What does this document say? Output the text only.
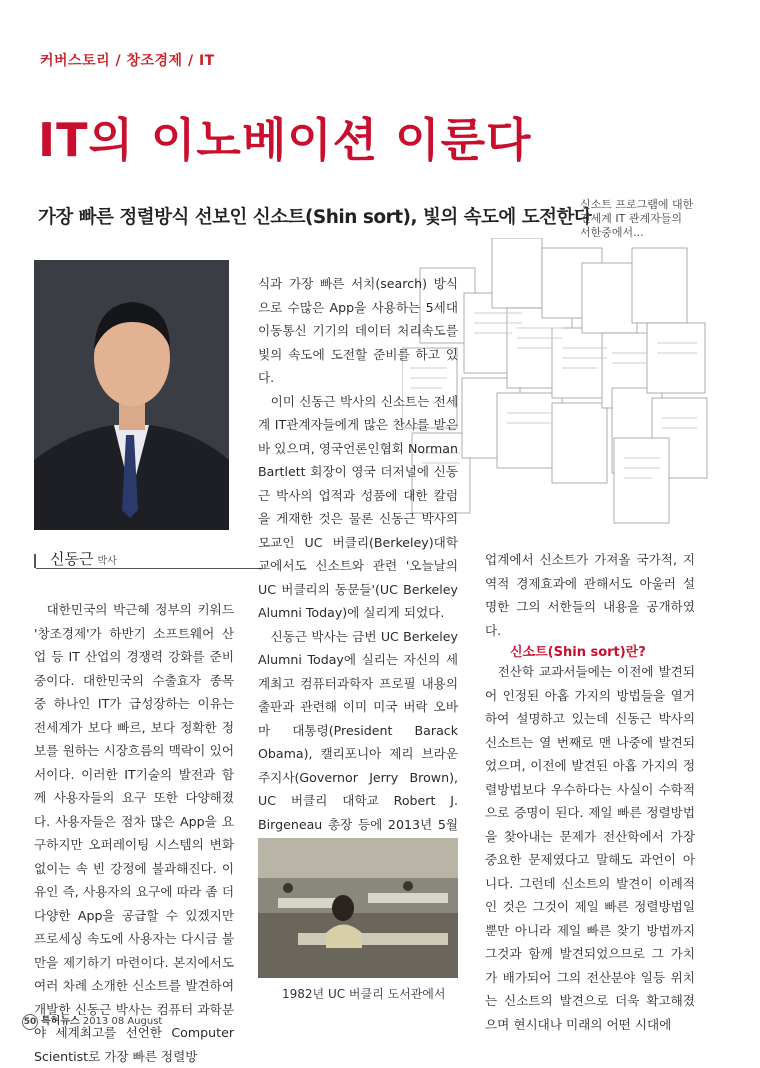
커버스토리 / 창조경제 / IT
IT의 이노베이션 이룬다
가장 빠른 정렬방식 선보인 신소트(Shin sort), 빛의 속도에 도전한다
신소트 프로그램에 대한
전세계 IT 관계자들의
서한중에서...
신동근 박사

대한민국의 박근혜 정부의 키워드 '창조경제'가 하반기 소프트웨어 산업 등 IT 산업의 경쟁력 강화를 준비 중이다. 대한민국의 수출효자 종목 중 하나인 IT가 급성장하는 이유는 전세계가 보다 빠르, 보다 정확한 정보를 원하는 시장흐름의 맥락이 있어서이다. 이러한 IT기술의 발전과 함께 사용자들의 요구 또한 다양해졌다. 사용자들은 점차 많은 App을 요구하지만 오퍼레이팅 시스템의 변화 없이는 속 빈 강정에 불과해진다. 이유인 즉, 사용자의 요구에 따라 좀 더 다양한 App을 공급할 수 있겠지만 프로세싱 속도에 사용자는 다시금 불만을 제기하기 마련이다. 본지에서도 여러 차례 소개한 신소트를 발견하여 개발한 신동근 박사는 컴퓨터 과학분야 세계최고를 선언한 Computer Scientist로 가장 빠른 정렬방

식과 가장 빠른 서치(search) 방식으로 수많은 App을 사용하는 5세대 이동통신 기기의 데이터 처리속도를 빛의 속도에 도전할 준비를 하고 있다.

이미 신동근 박사의 신소트는 전세계 IT관계자들에게 많은 찬사를 받은 바 있으며, 영국언론인협회 Norman Bartlett 회장이 영국 더저널에 신동근 박사의 업적과 성품에 대한 칼럼을 게재한 것은 물론 신동근 박사의 모교인 UC 버클리(Berkeley)대학교에서도 신소트와 관련 '오늘날의 UC 버클리의 동문들'(UC Berkeley Alumni Today)에 실리게 되었다.

신동근 박사는 금번 UC Berkeley Alumni Today에 실리는 자신의 세계최고 컴퓨터과학자 프로필 내용의 출판과 관련해 이미 미국 버락 오바마 대통령(President Barack Obama), 캘리포니아 제리 브라운 주지사(Governor Jerry Brown), UC 버클리 대학교 Robert J. Birgeneau 총장 등에 2013년 5월

업계에서 신소트가 가져올 국가적, 지역적 경제효과에 관해서도 아울러 설명한 그의 서한들의 내용을 공개하였다.

신소트(Shin sort)란?

전산학 교과서들에는 이전에 발견되어 인정된 아홉 가지의 방법들을 열거하여 설명하고 있는데 신동근 박사의 신소트는 열 번째로 맨 나중에 발견되었으며, 이전에 발견된 아홉 가지의 정렬방법보다 우수하다는 사실이 수학적으로 증명이 된다. 제일 빠른 정렬방법을 찾아내는 문제가 전산학에서 가장 중요한 문제였다고 말해도 과언이 아니다. 그런데 신소트의 발견이 이례적인 것은 그것이 제일 빠른 정렬방법일 뿐만 아니라 제일 빠른 찾기 방법까지 그것과 함께 발견되었으므로 그 가치가 배가되어 그의 전산분야 일등 위치는 신소트의 발견으로 더욱 확고해졌으며 현시대나 미래의 어떤 시대에

1982년 UC 버클리 도서관에서
50 특허뉴스 2013 08 August
